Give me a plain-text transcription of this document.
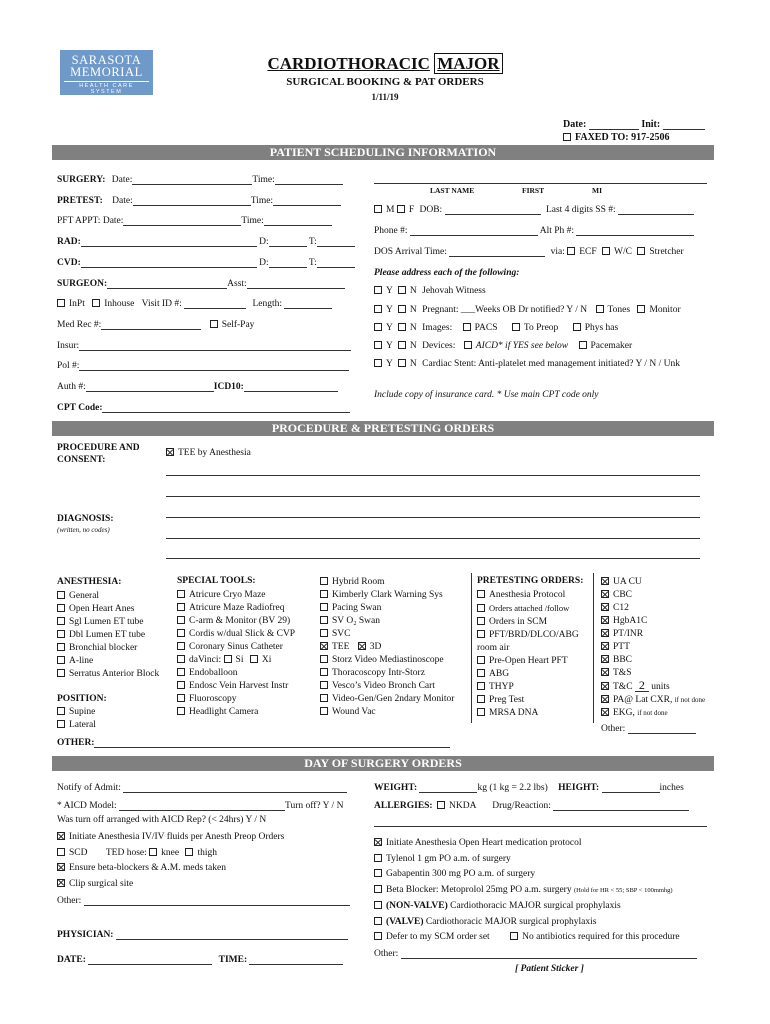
SARASOTA
MEMORIAL
HEALTH CARE SYSTEM
CARDIOTHORACIC MAJOR
SURGICAL BOOKING & PAT ORDERS
1/11/19
Date:	Init:
FAXED TO: 917-2506
PATIENT SCHEDULING INFORMATION
SURGERY: Date:	Time:
PRETEST: Date:	Time:
PFT APPT: Date:	Time:
RAD:	D:	T:
CVD:	D:	T:
SURGEON:	Asst:
InPt Inhouse Visit ID #:	Length:
Med Rec #:	Self-Pay
Insur:
Pol #:
Auth #:	ICD10:
CPT Code:
LAST NAME	FIRST	MI
M F DOB:	Last 4 digits SS #:
Phone #:	Alt Ph #:
DOS Arrival Time:	via: ECF W/C Stretcher
Please address each of the following:
Y N Jehovah Witness
Y N Pregnant: ___Weeks OB Dr notified? Y / N Tones Monitor
Y N Images: PACS	To Preop	Phys has
Y N Devices: AICD* if YES see below Pacemaker
Y N Cardiac Stent: Anti-platelet med management initiated? Y / N / Unk
Include copy of insurance card. * Use main CPT code only
PROCEDURE & PRETESTING ORDERS
PROCEDURE AND
CONSENT:
TEE by Anesthesia
DIAGNOSIS:
(written, no codes)
ANESTHESIA:
General
Open Heart Anes
Sgl Lumen ET tube
Dbl Lumen ET tube
Bronchial blocker
A-line
Serratus Anterior Block
POSITION:
Supine
Lateral
SPECIAL TOOLS:
Atricure Cryo Maze
Atricure Maze Radiofreq
C-arm & Monitor (BV 29)
Cordis w/dual Slick & CVP
Coronary Sinus Catheter
daVinci: Si Xi
Endoballoon
Endosc Vein Harvest Instr
Fluoroscopy
Headlight Camera
Hybrid Room
Kimberly Clark Warning Sys
Pacing Swan
SV O₂ Swan
SVC
TEE 3D
Storz Video Mediastinoscope
Thoracoscopy Intr-Storz
Vesco’s Video Bronch Cart
Video-Gen/Gen 2ndary Monitor
Wound Vac
PRETESTING ORDERS:
Anesthesia Protocol
Orders attached /follow
Orders in SCM
PFT/BRD/DLCO/ABG
room air
Pre-Open Heart PFT
ABG
THYP
Preg Test
MRSA DNA
UA CU
CBC
C12
HgbA1C
PT/INR
PTT
BBC
T&S
T&C 2 units
PA@ Lat CXR, if not done
EKG, if not done
Other:
OTHER:
DAY OF SURGERY ORDERS
Notify of Admit:
* AICD Model:	Turn off? Y / N
Was turn off arranged with AICD Rep? (< 24hrs) Y / N
Initiate Anesthesia IV/IV fluids per Anesth Preop Orders
SCD TED hose: knee thigh
Ensure beta-blockers & A.M. meds taken
Clip surgical site
Other:
PHYSICIAN:
DATE:	TIME:
WEIGHT:	kg (1 kg = 2.2 lbs) HEIGHT:	inches
ALLERGIES: NKDA Drug/Reaction:
Initiate Anesthesia Open Heart medication protocol
Tylenol 1 gm PO a.m. of surgery
Gabapentin 300 mg PO a.m. of surgery
Beta Blocker: Metoprolol 25mg PO a.m. surgery (Hold for HR < 55; SBP < 100mmhg)
(NON-VALVE) Cardiothoracic MAJOR surgical prophylaxis
(VALVE) Cardiothoracic MAJOR surgical prophylaxis
Defer to my SCM order set	No antibiotics required for this procedure
Other:
[ Patient Sticker ]
